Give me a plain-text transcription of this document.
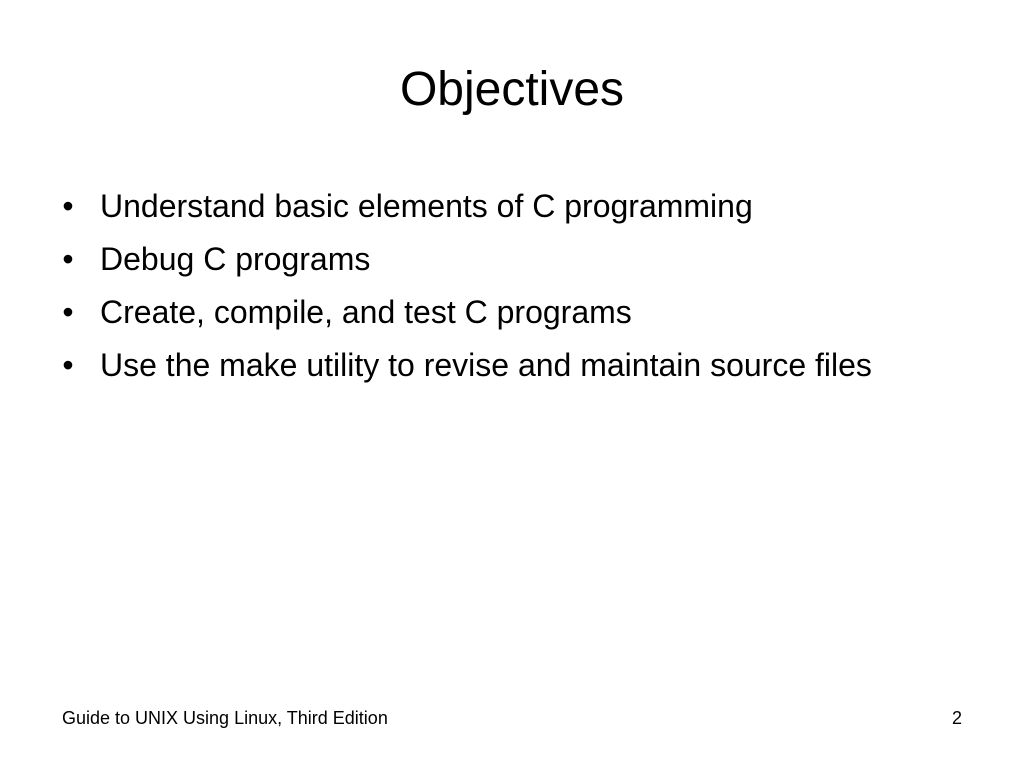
Objectives
• Understand basic elements of C programming
• Debug C programs
• Create, compile, and test C programs
• Use the make utility to revise and maintain source files
Guide to UNIX Using Linux, Third Edition	2
